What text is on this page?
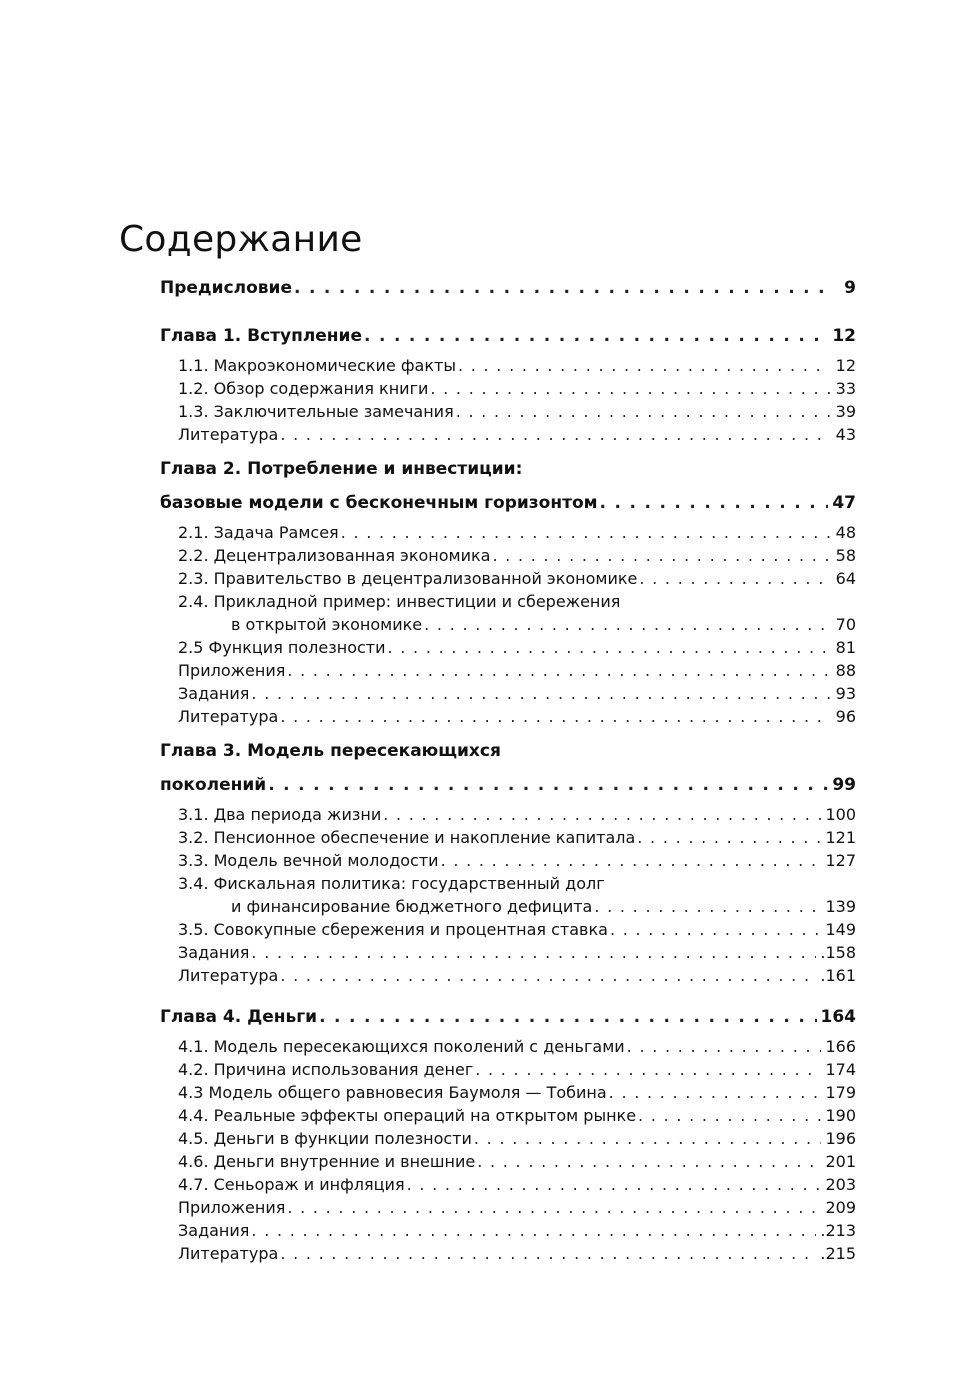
Содержание
Предисловие . . .	9
Глава 1. Вступление . . .	12
1.1. Макроэкономические факты . . .	12
1.2. Обзор содержания книги . . .	33
1.3. Заключительные замечания . . .	39
Литература . . .	43
Глава 2. Потребление и инвестиции:
базовые модели с бесконечным горизонтом . . .	47
2.1. Задача Рамсея . . .	48
2.2. Децентрализованная экономика . . .	58
2.3. Правительство в децентрализованной экономике . . .	64
2.4. Прикладной пример: инвестиции и сбережения
в открытой экономике . . .	70
2.5 Функция полезности . . .	81
Приложения . . .	88
Задания . . .	93
Литература . . .	96
Глава 3. Модель пересекающихся
поколений . . .	99
3.1. Два периода жизни . . .	100
3.2. Пенсионное обеспечение и накопление капитала . . .	121
3.3. Модель вечной молодости . . .	127
3.4. Фискальная политика: государственный долг
и финансирование бюджетного дефицита . . .	139
3.5. Совокупные сбережения и процентная ставка . . .	149
Задания . . .	.158
Литература . . .	.161
Глава 4. Деньги . . .	164
4.1. Модель пересекающихся поколений с деньгами . . .	166
4.2. Причина использования денег . . .	174
4.3 Модель общего равновесия Баумоля — Тобина . . .	179
4.4. Реальные эффекты операций на открытом рынке . . .	190
4.5. Деньги в функции полезности . . .	196
4.6. Деньги внутренние и внешние . . .	201
4.7. Сеньораж и инфляция . . .	203
Приложения . . .	209
Задания . . .	.213
Литература . . .	.215
